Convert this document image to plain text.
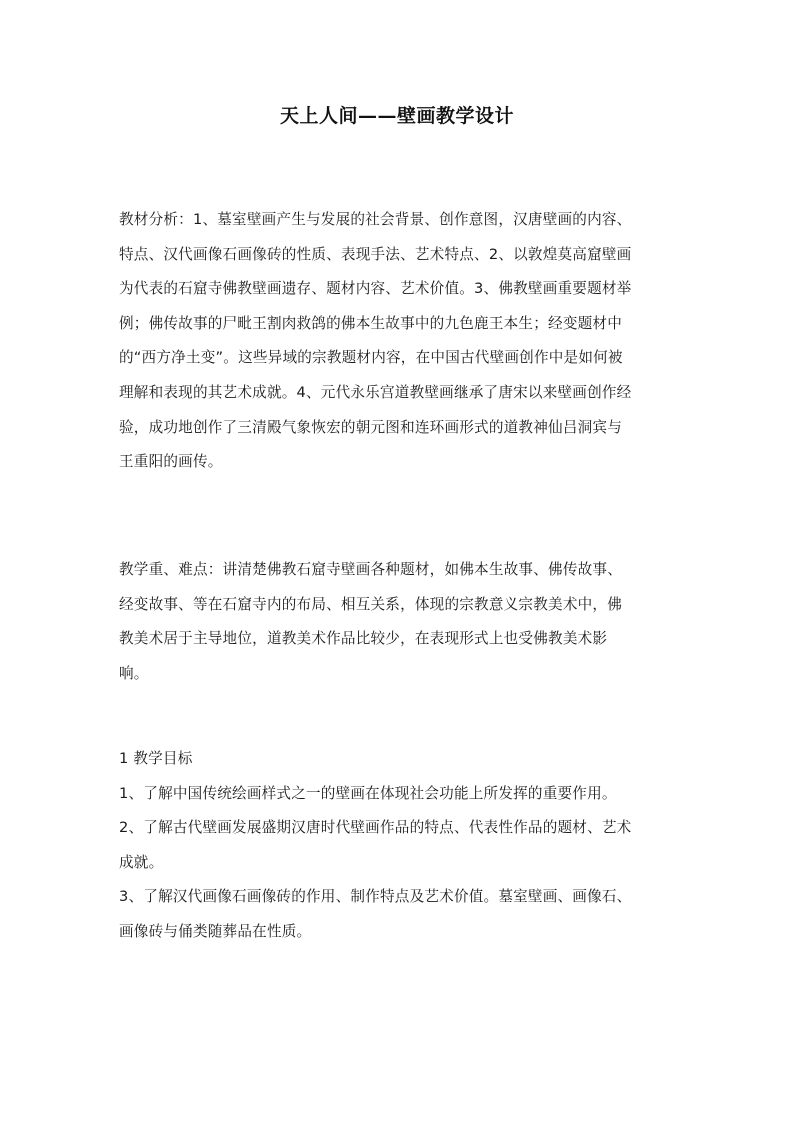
天上人间——壁画教学设计
教材分析：1、墓室壁画产生与发展的社会背景、创作意图，汉唐壁画的内容、
特点、汉代画像石画像砖的性质、表现手法、艺术特点、2、以敦煌莫高窟壁画
为代表的石窟寺佛教壁画遗存、题材内容、艺术价值。3、佛教壁画重要题材举
例；佛传故事的尸毗王割肉救鸽的佛本生故事中的九色鹿王本生；经变题材中
的“西方净土变”。这些异域的宗教题材内容，在中国古代壁画创作中是如何被
理解和表现的其艺术成就。4、元代永乐宫道教壁画继承了唐宋以来壁画创作经
验，成功地创作了三清殿气象恢宏的朝元图和连环画形式的道教神仙吕洞宾与
王重阳的画传。
教学重、难点：讲清楚佛教石窟寺壁画各种题材，如佛本生故事、佛传故事、
经变故事、等在石窟寺内的布局、相互关系，体现的宗教意义宗教美术中，佛
教美术居于主导地位，道教美术作品比较少，在表现形式上也受佛教美术影
响。
1 教学目标
1、了解中国传统绘画样式之一的壁画在体现社会功能上所发挥的重要作用。
2、了解古代壁画发展盛期汉唐时代壁画作品的特点、代表性作品的题材、艺术
成就。
3、了解汉代画像石画像砖的作用、制作特点及艺术价值。墓室壁画、画像石、
画像砖与俑类随葬品在性质。
